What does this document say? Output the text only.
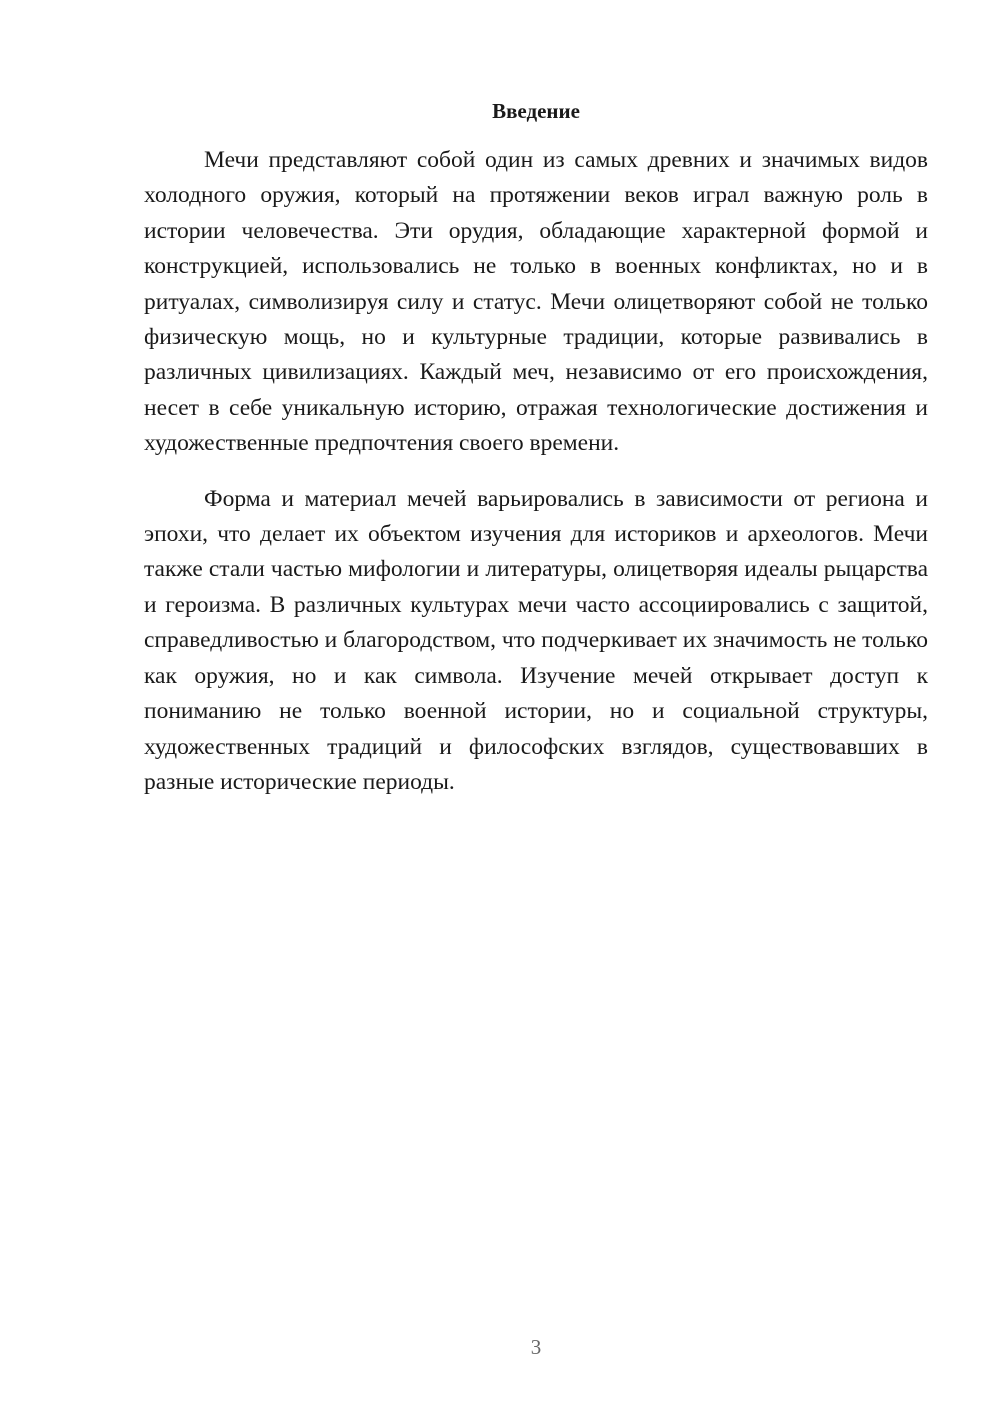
Введение

Мечи представляют собой один из самых древних и значимых видов холодного оружия, который на протяжении веков играл важную роль в истории человечества. Эти орудия, обладающие характерной формой и конструкцией, использовались не только в военных конфликтах, но и в ритуалах, символизируя силу и статус. Мечи олицетворяют собой не только физическую мощь, но и культурные традиции, которые развивались в различных цивилизациях. Каждый меч, независимо от его происхождения, несет в себе уникальную историю, отражая технологические достижения и художественные предпочтения своего времени.

Форма и материал мечей варьировались в зависимости от региона и эпохи, что делает их объектом изучения для историков и археологов. Мечи также стали частью мифологии и литературы, олицетворяя идеалы рыцарства и героизма. В различных культурах мечи часто ассоциировались с защитой, справедливостью и благородством, что подчеркивает их значимость не только как оружия, но и как символа. Изучение мечей открывает доступ к пониманию не только военной истории, но и социальной структуры, художественных традиций и философских взглядов, существовавших в разные исторические периоды.

3
